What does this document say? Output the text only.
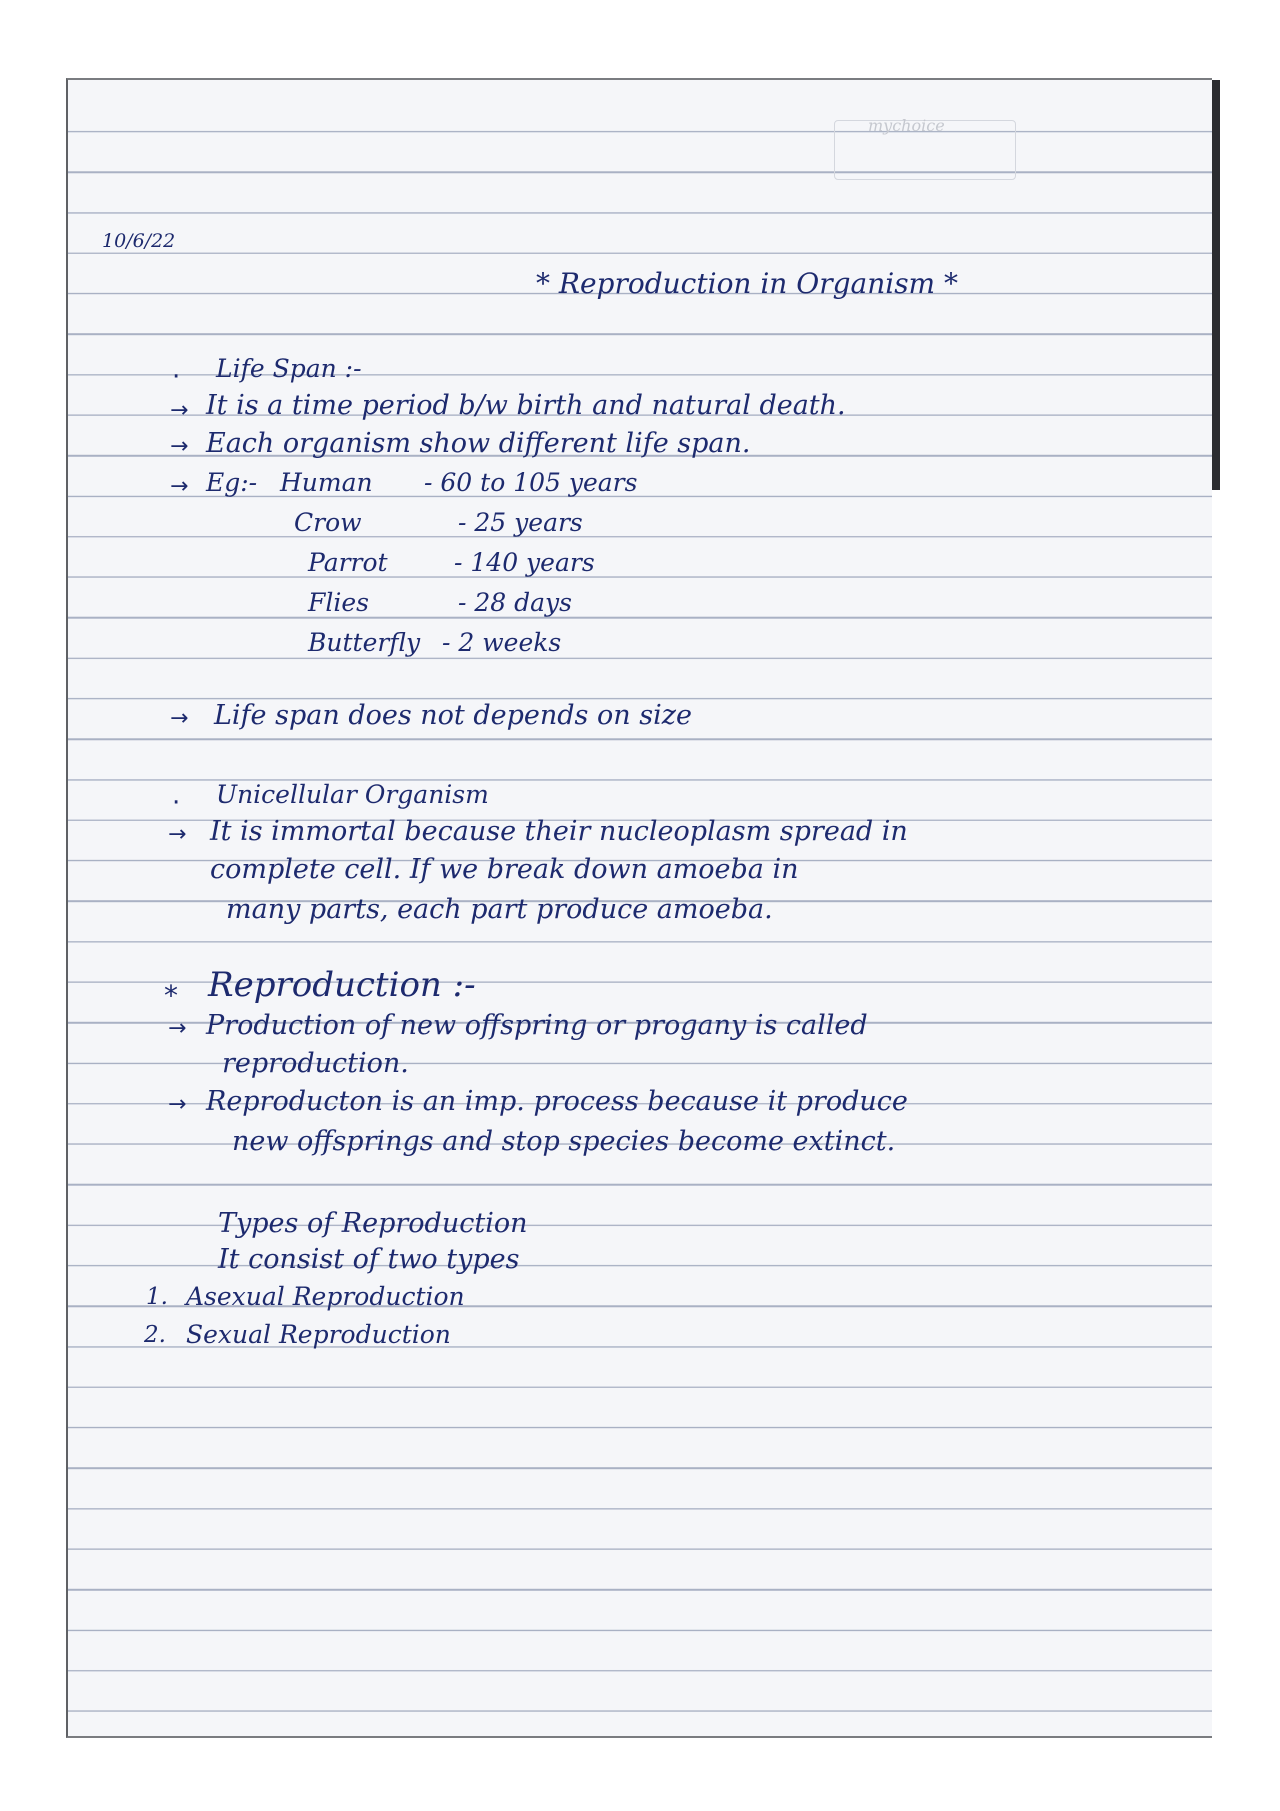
mychoice
10/6/22
* Reproduction in Organism *
· Life Span :-
→ It is a time period b/w birth and natural death.
→ Each organism show different life span.
→ Eg:- Human - 60 to 105 years
Crow	- 25 years
Parrot	- 140 years
Flies	- 28 days
Butterfly - 2 weeks
→ Life span does not depends on size
· Unicellular Organism
→ It is immortal because their nucleoplasm spread in
complete cell. If we break down amoeba in
many parts, each part produce amoeba.
* Reproduction :-
→ Production of new offspring or progany is called
reproduction.
→ Reproducton is an imp. process because it produce
new offsprings and stop species become extinct.
Types of Reproduction
It consist of two types
1. Asexual Reproduction
2. Sexual Reproduction
